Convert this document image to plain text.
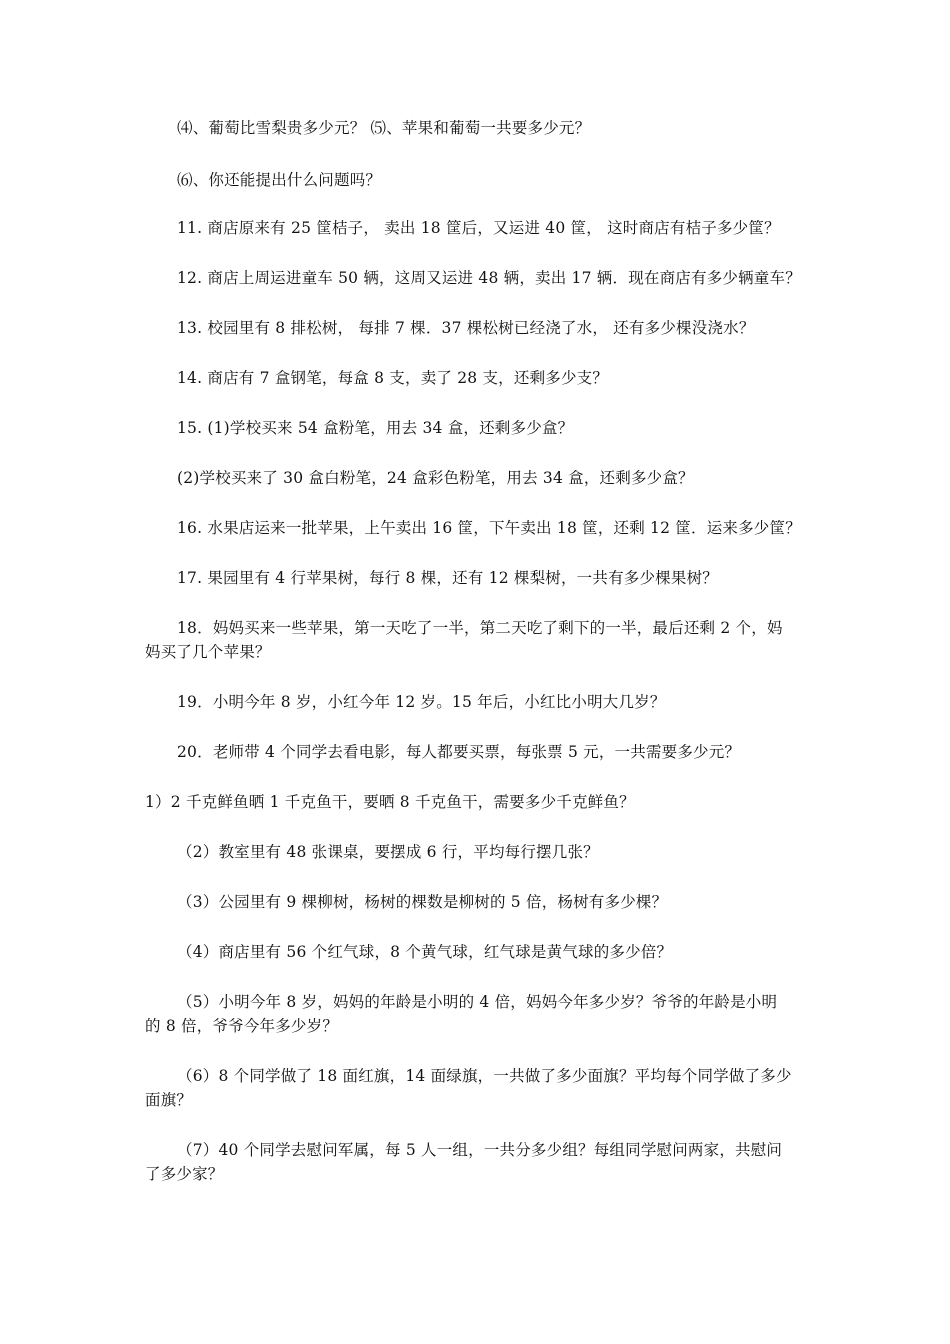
⑷、葡萄比雪梨贵多少元？ ⑸、苹果和葡萄一共要多少元？
⑹、你还能提出什么问题吗？
11. 商店原来有 25 筐桔子， 卖出 18 筐后，又运进 40 筐， 这时商店有桔子多少筐？
12. 商店上周运进童车 50 辆，这周又运进 48 辆，卖出 17 辆．现在商店有多少辆童车？
13. 校园里有 8 排松树， 每排 7 棵．37 棵松树已经浇了水， 还有多少棵没浇水？
14. 商店有 7 盒钢笔，每盒 8 支，卖了 28 支，还剩多少支？
15. (1)学校买来 54 盒粉笔，用去 34 盒，还剩多少盒？
(2)学校买来了 30 盒白粉笔，24 盒彩色粉笔，用去 34 盒，还剩多少盒？
16. 水果店运来一批苹果，上午卖出 16 筐，下午卖出 18 筐，还剩 12 筐．运来多少筐？
17. 果园里有 4 行苹果树，每行 8 棵，还有 12 棵梨树，一共有多少棵果树？
18．妈妈买来一些苹果，第一天吃了一半，第二天吃了剩下的一半，最后还剩 2 个，妈
妈买了几个苹果？
19．小明今年 8 岁，小红今年 12 岁。15 年后，小红比小明大几岁？
20．老师带 4 个同学去看电影，每人都要买票，每张票 5 元，一共需要多少元？
1）2 千克鲜鱼晒 1 千克鱼干，要晒 8 千克鱼干，需要多少千克鲜鱼？
（2）教室里有 48 张课桌，要摆成 6 行，平均每行摆几张？
（3）公园里有 9 棵柳树，杨树的棵数是柳树的 5 倍，杨树有多少棵？
（4）商店里有 56 个红气球，8 个黄气球，红气球是黄气球的多少倍？
（5）小明今年 8 岁，妈妈的年龄是小明的 4 倍，妈妈今年多少岁？爷爷的年龄是小明
的 8 倍，爷爷今年多少岁？
（6）8 个同学做了 18 面红旗，14 面绿旗，一共做了多少面旗？平均每个同学做了多少
面旗？
（7）40 个同学去慰问军属，每 5 人一组，一共分多少组？每组同学慰问两家，共慰问
了多少家？
